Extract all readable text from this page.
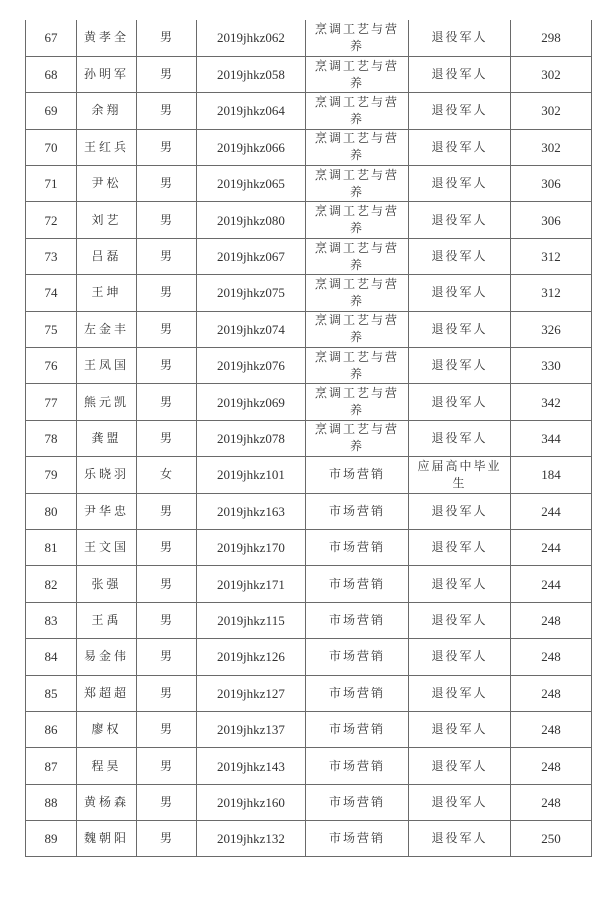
67	黄孝全	男	2019jhkz062	烹调工艺与营养	退役军人	298
68	孙明军	男	2019jhkz058	烹调工艺与营养	退役军人	302
69	余翔	男	2019jhkz064	烹调工艺与营养	退役军人	302
70	王红兵	男	2019jhkz066	烹调工艺与营养	退役军人	302
71	尹松	男	2019jhkz065	烹调工艺与营养	退役军人	306
72	刘艺	男	2019jhkz080	烹调工艺与营养	退役军人	306
73	吕磊	男	2019jhkz067	烹调工艺与营养	退役军人	312
74	王坤	男	2019jhkz075	烹调工艺与营养	退役军人	312
75	左金丰	男	2019jhkz074	烹调工艺与营养	退役军人	326
76	王凤国	男	2019jhkz076	烹调工艺与营养	退役军人	330
77	熊元凯	男	2019jhkz069	烹调工艺与营养	退役军人	342
78	龚盟	男	2019jhkz078	烹调工艺与营养	退役军人	344
79	乐晓羽	女	2019jhkz101	市场营销	应届高中毕业生	184
80	尹华忠	男	2019jhkz163	市场营销	退役军人	244
81	王文国	男	2019jhkz170	市场营销	退役军人	244
82	张强	男	2019jhkz171	市场营销	退役军人	244
83	王禹	男	2019jhkz115	市场营销	退役军人	248
84	易金伟	男	2019jhkz126	市场营销	退役军人	248
85	郑超超	男	2019jhkz127	市场营销	退役军人	248
86	廖权	男	2019jhkz137	市场营销	退役军人	248
87	程昊	男	2019jhkz143	市场营销	退役军人	248
88	黄杨森	男	2019jhkz160	市场营销	退役军人	248
89	魏朝阳	男	2019jhkz132	市场营销	退役军人	250
